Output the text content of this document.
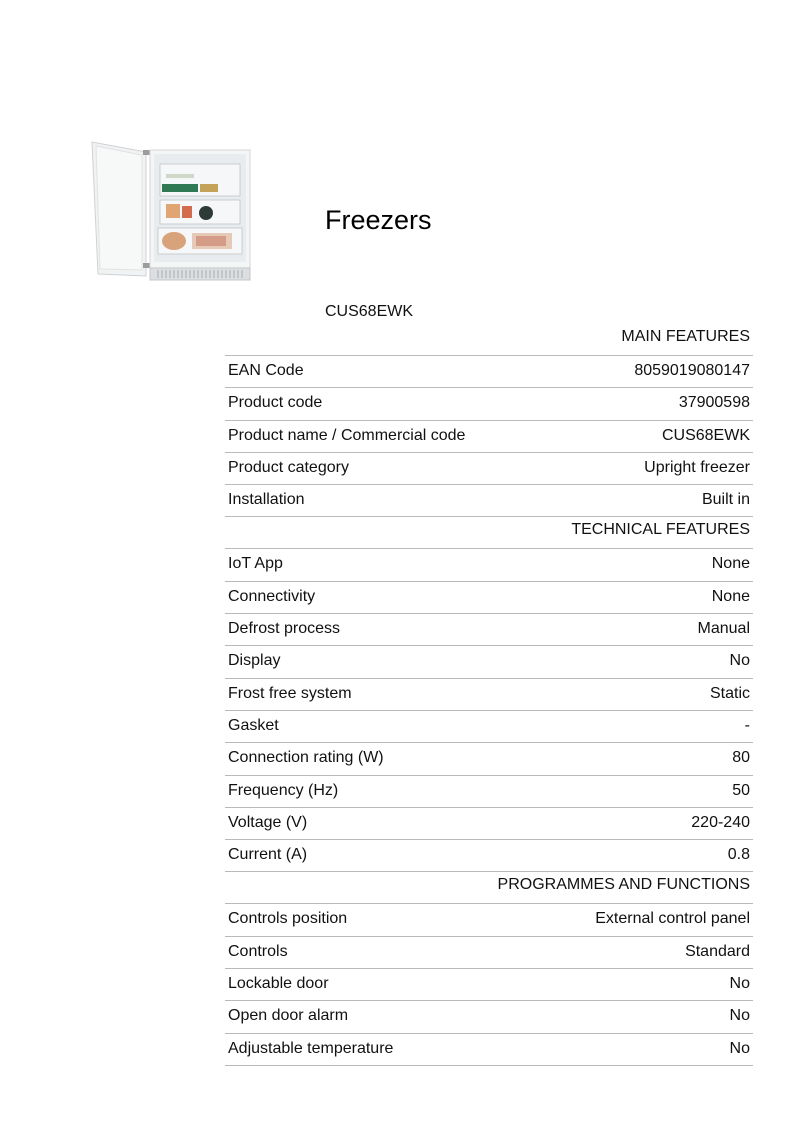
Freezers
CUS68EWK
MAIN FEATURES
EAN Code	8059019080147
Product code	37900598
Product name / Commercial code	CUS68EWK
Product category	Upright freezer
Installation	Built in
TECHNICAL FEATURES
IoT App	None
Connectivity	None
Defrost process	Manual
Display	No
Frost free system	Static
Gasket	-
Connection rating (W)	80
Frequency (Hz)	50
Voltage (V)	220-240
Current (A)	0.8
PROGRAMMES AND FUNCTIONS
Controls position	External control panel
Controls	Standard
Lockable door	No
Open door alarm	No
Adjustable temperature	No
